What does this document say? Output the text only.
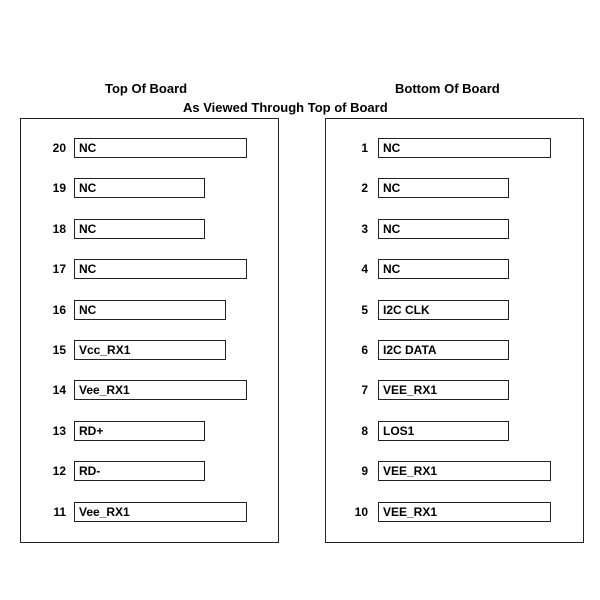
Top Of Board	Bottom Of Board
As Viewed Through Top of Board
20	NC
19	NC
18	NC
17	NC
16	NC
15	Vcc_RX1
14	Vee_RX1
13	RD+
12	RD-
11	Vee_RX1
1	NC
2	NC
3	NC
4	NC
5	I2C CLK
6	I2C DATA
7	VEE_RX1
8	LOS1
9	VEE_RX1
10	VEE_RX1
